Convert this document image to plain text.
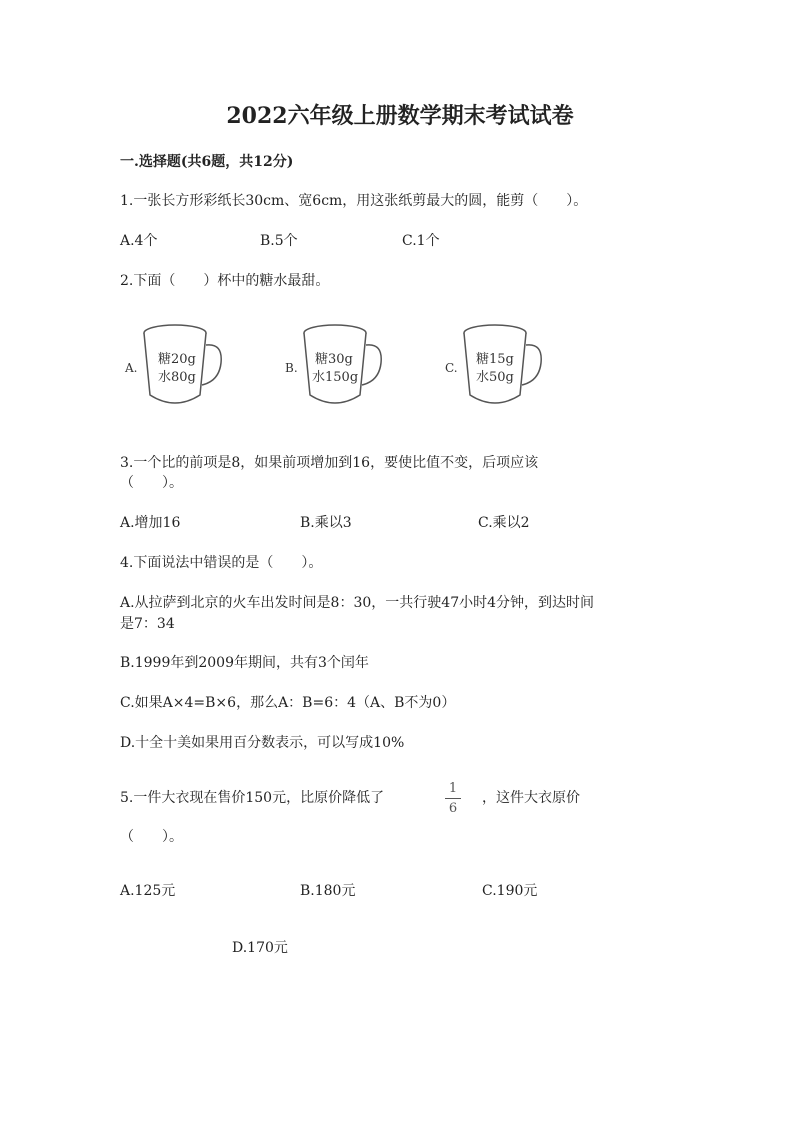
2022六年级上册数学期末考试试卷
一.选择题(共6题，共12分)
1.一张长方形彩纸长30cm、宽6cm，用这张纸剪最大的圆，能剪（　　）。
A.4个	B.5个	C.1个
2.下面（　　）杯中的糖水最甜。
A.
糖20g
水80g
B.
糖30g
水150g
C.
糖15g
水50g
3.一个比的前项是8，如果前项增加到16，要使比值不变，后项应该
（　　）。
A.增加16	B.乘以3	C.乘以2
4.下面说法中错误的是（　　）。
A.从拉萨到北京的火车出发时间是8：30，一共行驶47小时4分钟，到达时间
是7：34
B.1999年到2009年期间，共有3个闰年
C.如果A×4=B×6，那么A：B=6：4（A、B不为0）
D.十全十美如果用百分数表示，可以写成10%
5.一件大衣现在售价150元，比原价降低了
1
6
，这件大衣原价
（　　）。
A.125元	B.180元	C.190元
D.170元
